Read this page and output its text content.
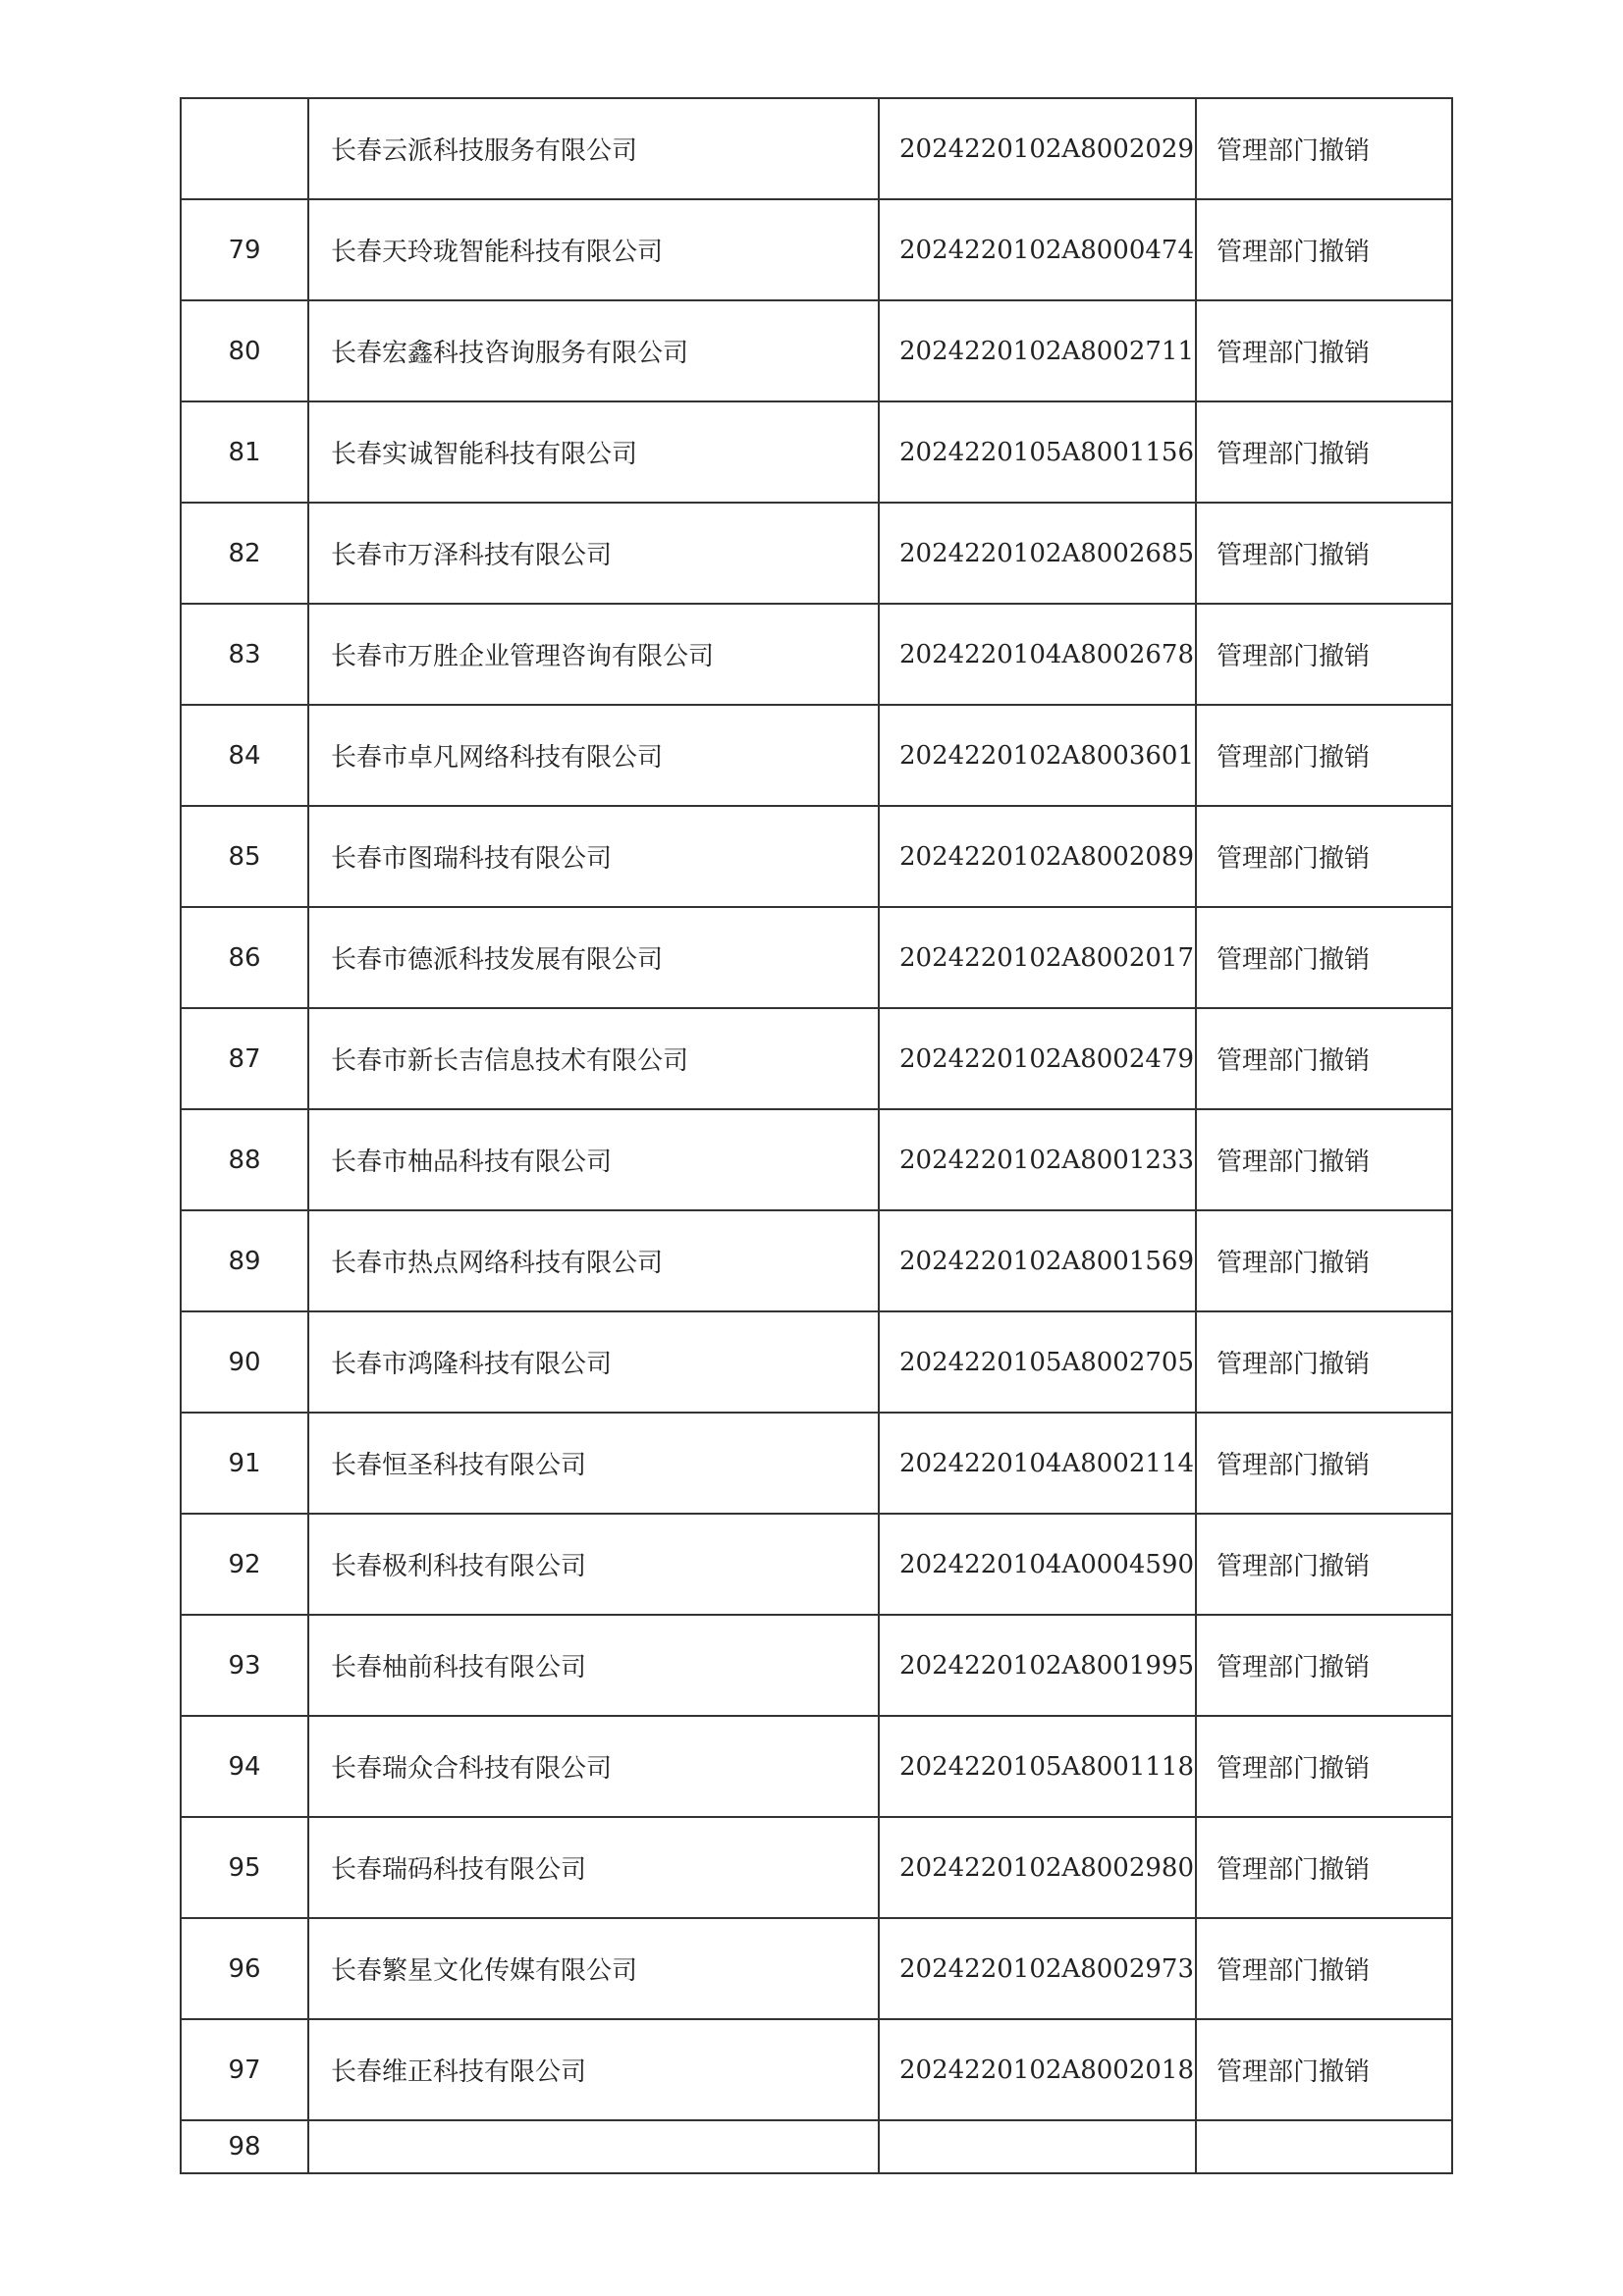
	长春云派科技服务有限公司	2024220102A8002029	管理部门撤销
79	长春天玲珑智能科技有限公司	2024220102A8000474	管理部门撤销
80	长春宏鑫科技咨询服务有限公司	2024220102A8002711	管理部门撤销
81	长春实诚智能科技有限公司	2024220105A8001156	管理部门撤销
82	长春市万泽科技有限公司	2024220102A8002685	管理部门撤销
83	长春市万胜企业管理咨询有限公司	2024220104A8002678	管理部门撤销
84	长春市卓凡网络科技有限公司	2024220102A8003601	管理部门撤销
85	长春市图瑞科技有限公司	2024220102A8002089	管理部门撤销
86	长春市德派科技发展有限公司	2024220102A8002017	管理部门撤销
87	长春市新长吉信息技术有限公司	2024220102A8002479	管理部门撤销
88	长春市柚品科技有限公司	2024220102A8001233	管理部门撤销
89	长春市热点网络科技有限公司	2024220102A8001569	管理部门撤销
90	长春市鸿隆科技有限公司	2024220105A8002705	管理部门撤销
91	长春恒圣科技有限公司	2024220104A8002114	管理部门撤销
92	长春极利科技有限公司	2024220104A0004590	管理部门撤销
93	长春柚前科技有限公司	2024220102A8001995	管理部门撤销
94	长春瑞众合科技有限公司	2024220105A8001118	管理部门撤销
95	长春瑞码科技有限公司	2024220102A8002980	管理部门撤销
96	长春繁星文化传媒有限公司	2024220102A8002973	管理部门撤销
97	长春维正科技有限公司	2024220102A8002018	管理部门撤销
98			
